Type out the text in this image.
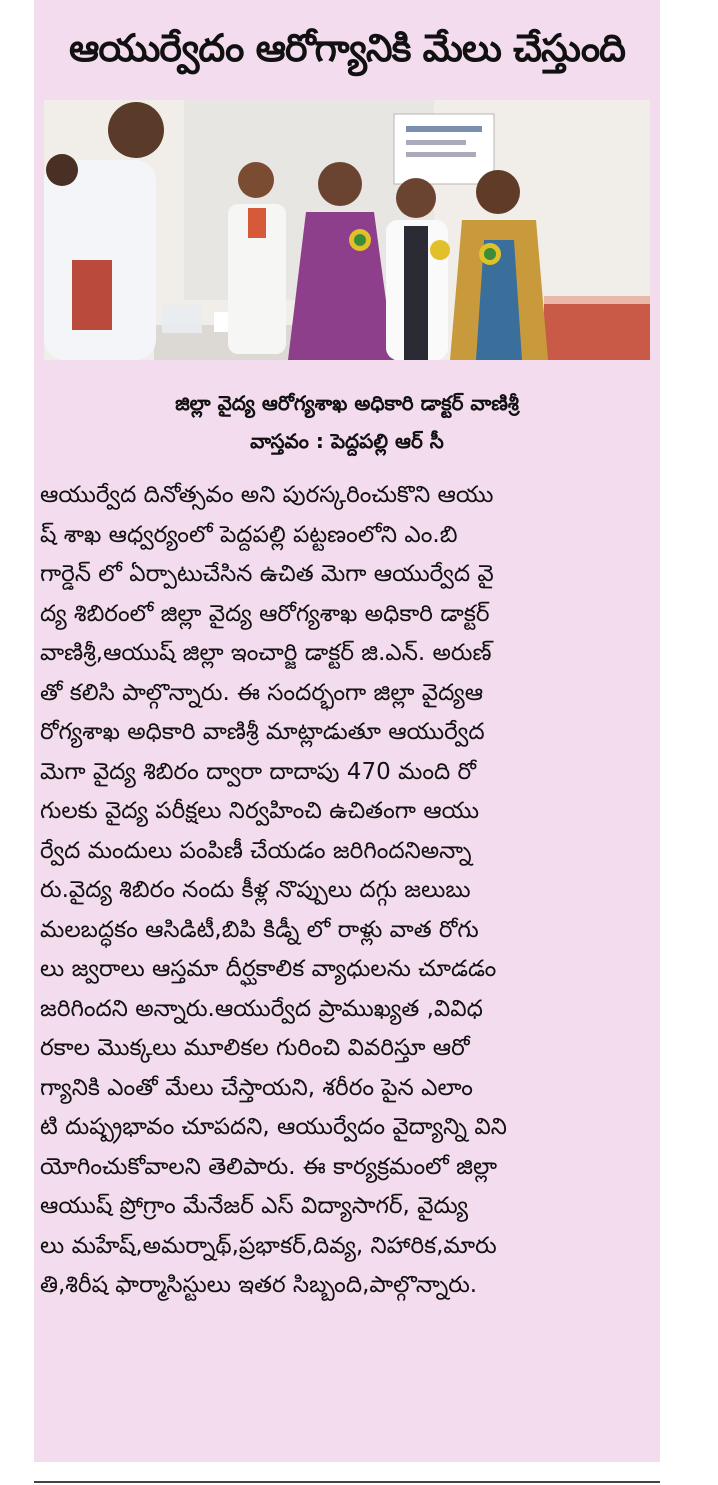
ఆయుర్వేదం ఆరోగ్యానికి మేలు చేస్తుంది
జిల్లా వైద్య ఆరోగ్యశాఖ అధికారి డాక్టర్ వాణిశ్రీ
వాస్తవం : పెద్దపల్లి ఆర్ సీ
ఆయుర్వేద దినోత్సవం అని పురస్కరించుకొని ఆయు
ష్ శాఖ ఆధ్వర్యంలో పెద్దపల్లి పట్టణంలోని ఎం.బి
గార్డెన్ లో ఏర్పాటుచేసిన ఉచిత మెగా ఆయుర్వేద వై
ద్య శిబిరంలో జిల్లా వైద్య ఆరోగ్యశాఖ అధికారి డాక్టర్
వాణిశ్రీ,ఆయుష్ జిల్లా ఇంచార్జి డాక్టర్ జి.ఎన్. అరుణ్
తో కలిసి పాల్గొన్నారు. ఈ సందర్భంగా జిల్లా వైద్యఆ
రోగ్యశాఖ అధికారి వాణిశ్రీ మాట్లాడుతూ ఆయుర్వేద
మెగా వైద్య శిబిరం ద్వారా దాదాపు 470 మంది రో
గులకు వైద్య పరీక్షలు నిర్వహించి ఉచితంగా ఆయు
ర్వేద మందులు పంపిణీ చేయడం జరిగిందనిఅన్నా
రు.వైద్య శిబిరం నందు కీళ్ల నొప్పులు దగ్గు జలుబు
మలబద్ధకం ఆసిడిటీ,బిపి కిడ్నీ లో రాళ్లు వాత రోగు
లు జ్వరాలు ఆస్తమా దీర్ఘకాలిక వ్యాధులను చూడడం
జరిగిందని అన్నారు.ఆయుర్వేద ప్రాముఖ్యత ,వివిధ
రకాల మొక్కలు మూలికల గురించి వివరిస్తూ ఆరో
గ్యానికి ఎంతో మేలు చేస్తాయని, శరీరం పైన ఎలాం
టి దుష్ప్రభావం చూపదని, ఆయుర్వేదం వైద్యాన్ని విని
యోగించుకోవాలని తెలిపారు. ఈ కార్యక్రమంలో జిల్లా
ఆయుష్ ప్రోగ్రాం మేనేజర్ ఎస్ విద్యాసాగర్, వైద్యు
లు మహేష్,అమర్నాథ్,ప్రభాకర్,దివ్య, నిహారిక,మారు
తి,శిరీష ఫార్మాసిస్టులు ఇతర సిబ్బంది,పాల్గొన్నారు.
